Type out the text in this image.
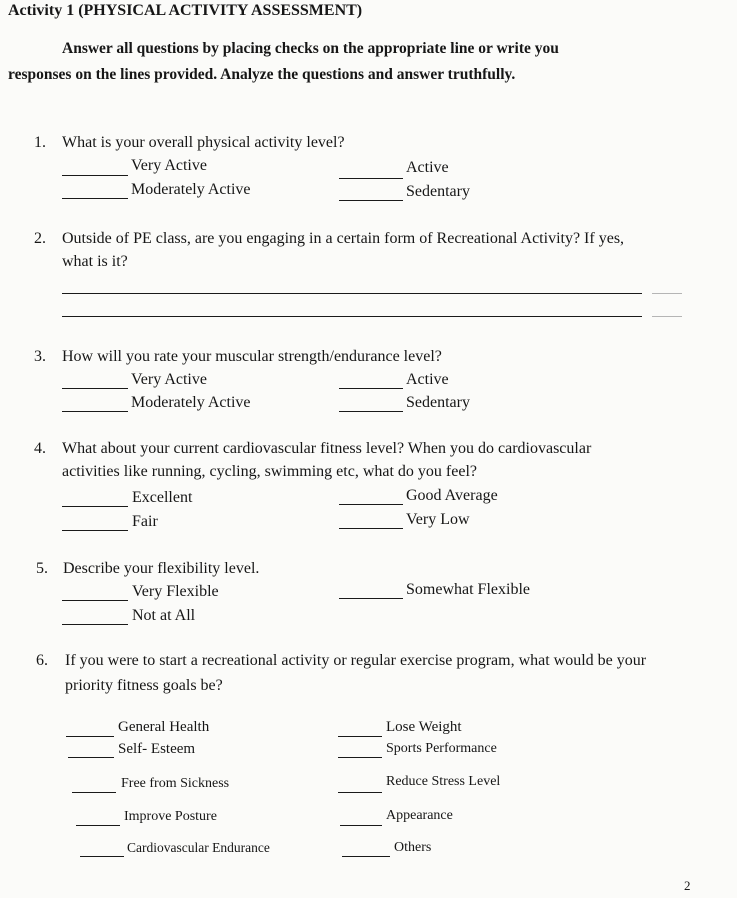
Activity 1 (PHYSICAL ACTIVITY ASSESSMENT)
Answer all questions by placing checks on the appropriate line or write you
responses on the lines provided. Analyze the questions and answer truthfully.
1. What is your overall physical activity level?
Very Active	Active
Moderately Active	Sedentary
2. Outside of PE class, are you engaging in a certain form of Recreational Activity? If yes,
what is it?
3. How will you rate your muscular strength/endurance level?
Very Active	Active
Moderately Active	Sedentary
4. What about your current cardiovascular fitness level? When you do cardiovascular
activities like running, cycling, swimming etc, what do you feel?
Excellent	Good Average
Fair	Very Low
5. Describe your flexibility level.
Very Flexible	Somewhat Flexible
Not at All
6. If you were to start a recreational activity or regular exercise program, what would be your
priority fitness goals be?
General Health	Lose Weight
Self- Esteem	Sports Performance
Free from Sickness	Reduce Stress Level
Improve Posture	Appearance
Cardiovascular Endurance	Others
2
